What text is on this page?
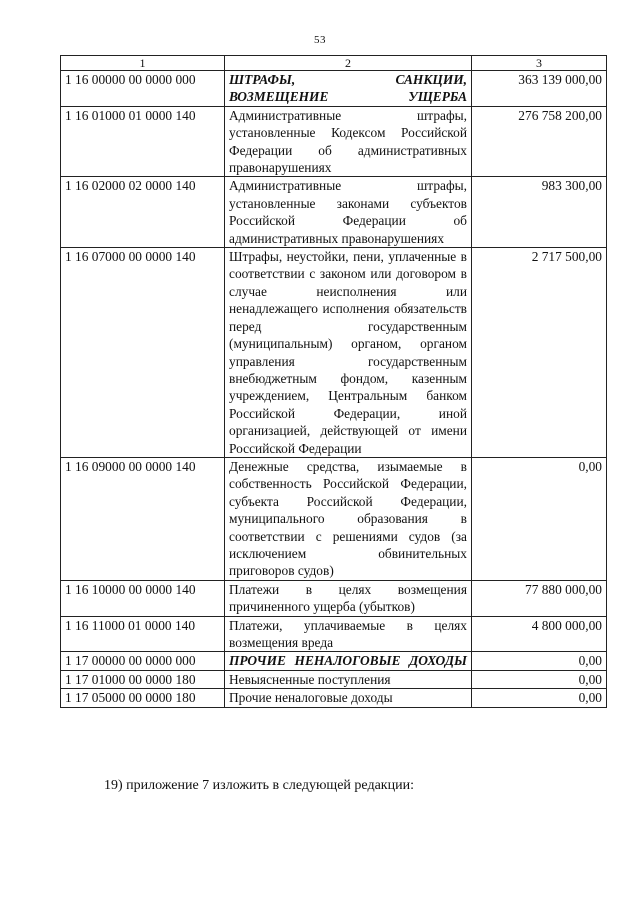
53
1	2	3
1 16 00000 00 0000 000	ШТРАФЫ, САНКЦИИ, ВОЗМЕЩЕНИЕ УЩЕРБА	363 139 000,00
1 16 01000 01 0000 140	Административные штрафы, установленные Кодексом Российской Федерации об административных правонарушениях	276 758 200,00
1 16 02000 02 0000 140	Административные штрафы, установленные законами субъектов Российской Федерации об административных правонарушениях	983 300,00
1 16 07000 00 0000 140	Штрафы, неустойки, пени, уплаченные в соответствии с законом или договором в случае неисполнения или ненадлежащего исполнения обязательств перед государственным (муниципальным) органом, органом управления государственным внебюджетным фондом, казенным учреждением, Центральным банком Российской Федерации, иной организацией, действующей от имени Российской Федерации	2 717 500,00
1 16 09000 00 0000 140	Денежные средства, изымаемые в собственность Российской Федерации, субъекта Российской Федерации, муниципального образования в соответствии с решениями судов (за исключением обвинительных приговоров судов)	0,00
1 16 10000 00 0000 140	Платежи в целях возмещения причиненного ущерба (убытков)	77 880 000,00
1 16 11000 01 0000 140	Платежи, уплачиваемые в целях возмещения вреда	4 800 000,00
1 17 00000 00 0000 000	ПРОЧИЕ НЕНАЛОГОВЫЕ ДОХОДЫ	0,00
1 17 01000 00 0000 180	Невыясненные поступления	0,00
1 17 05000 00 0000 180	Прочие неналоговые доходы	0,00
19) приложение 7 изложить в следующей редакции:
